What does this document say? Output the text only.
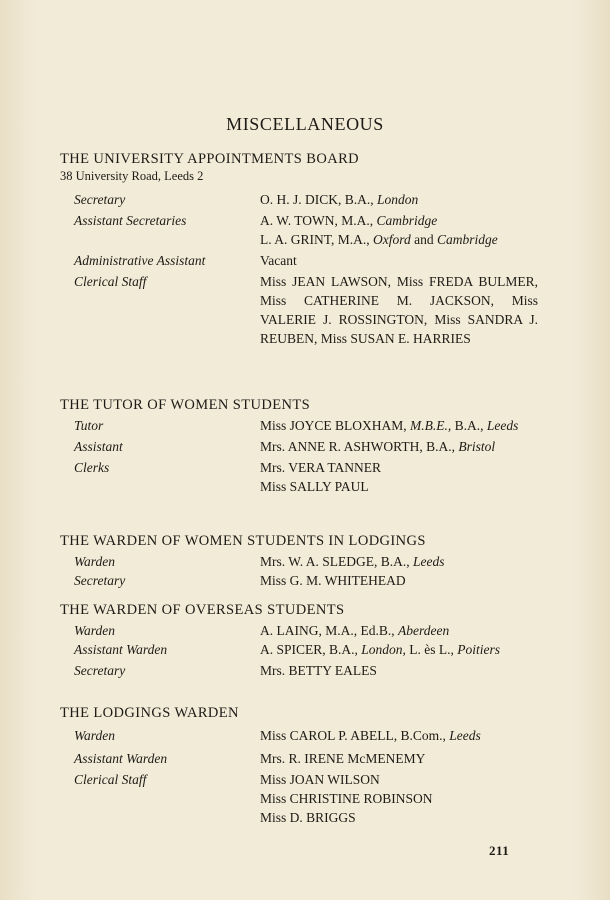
MISCELLANEOUS
THE UNIVERSITY APPOINTMENTS BOARD
38 University Road, Leeds 2
Secretary	O. H. J. DICK, B.A., London
Assistant Secretaries	A. W. TOWN, M.A., Cambridge
L. A. GRINT, M.A., Oxford and Cambridge
Administrative Assistant	Vacant
Clerical Staff	Miss JEAN LAWSON, Miss FREDA BULMER, Miss CATHERINE M. JACKSON, Miss VALERIE J. ROSSINGTON, Miss SANDRA J. REUBEN, Miss SUSAN E. HARRIES
THE TUTOR OF WOMEN STUDENTS
Tutor	Miss JOYCE BLOXHAM, M.B.E., B.A., Leeds
Assistant	Mrs. ANNE R. ASHWORTH, B.A., Bristol
Clerks	Mrs. VERA TANNER
Miss SALLY PAUL
THE WARDEN OF WOMEN STUDENTS IN LODGINGS
Warden	Mrs. W. A. SLEDGE, B.A., Leeds
Secretary	Miss G. M. WHITEHEAD
THE WARDEN OF OVERSEAS STUDENTS
Warden	A. LAING, M.A., Ed.B., Aberdeen
Assistant Warden	A. SPICER, B.A., London, L. ès L., Poitiers
Secretary	Mrs. BETTY EALES
THE LODGINGS WARDEN
Warden	Miss CAROL P. ABELL, B.Com., Leeds
Assistant Warden	Mrs. R. IRENE McMENEMY
Clerical Staff	Miss JOAN WILSON
Miss CHRISTINE ROBINSON
Miss D. BRIGGS
211
